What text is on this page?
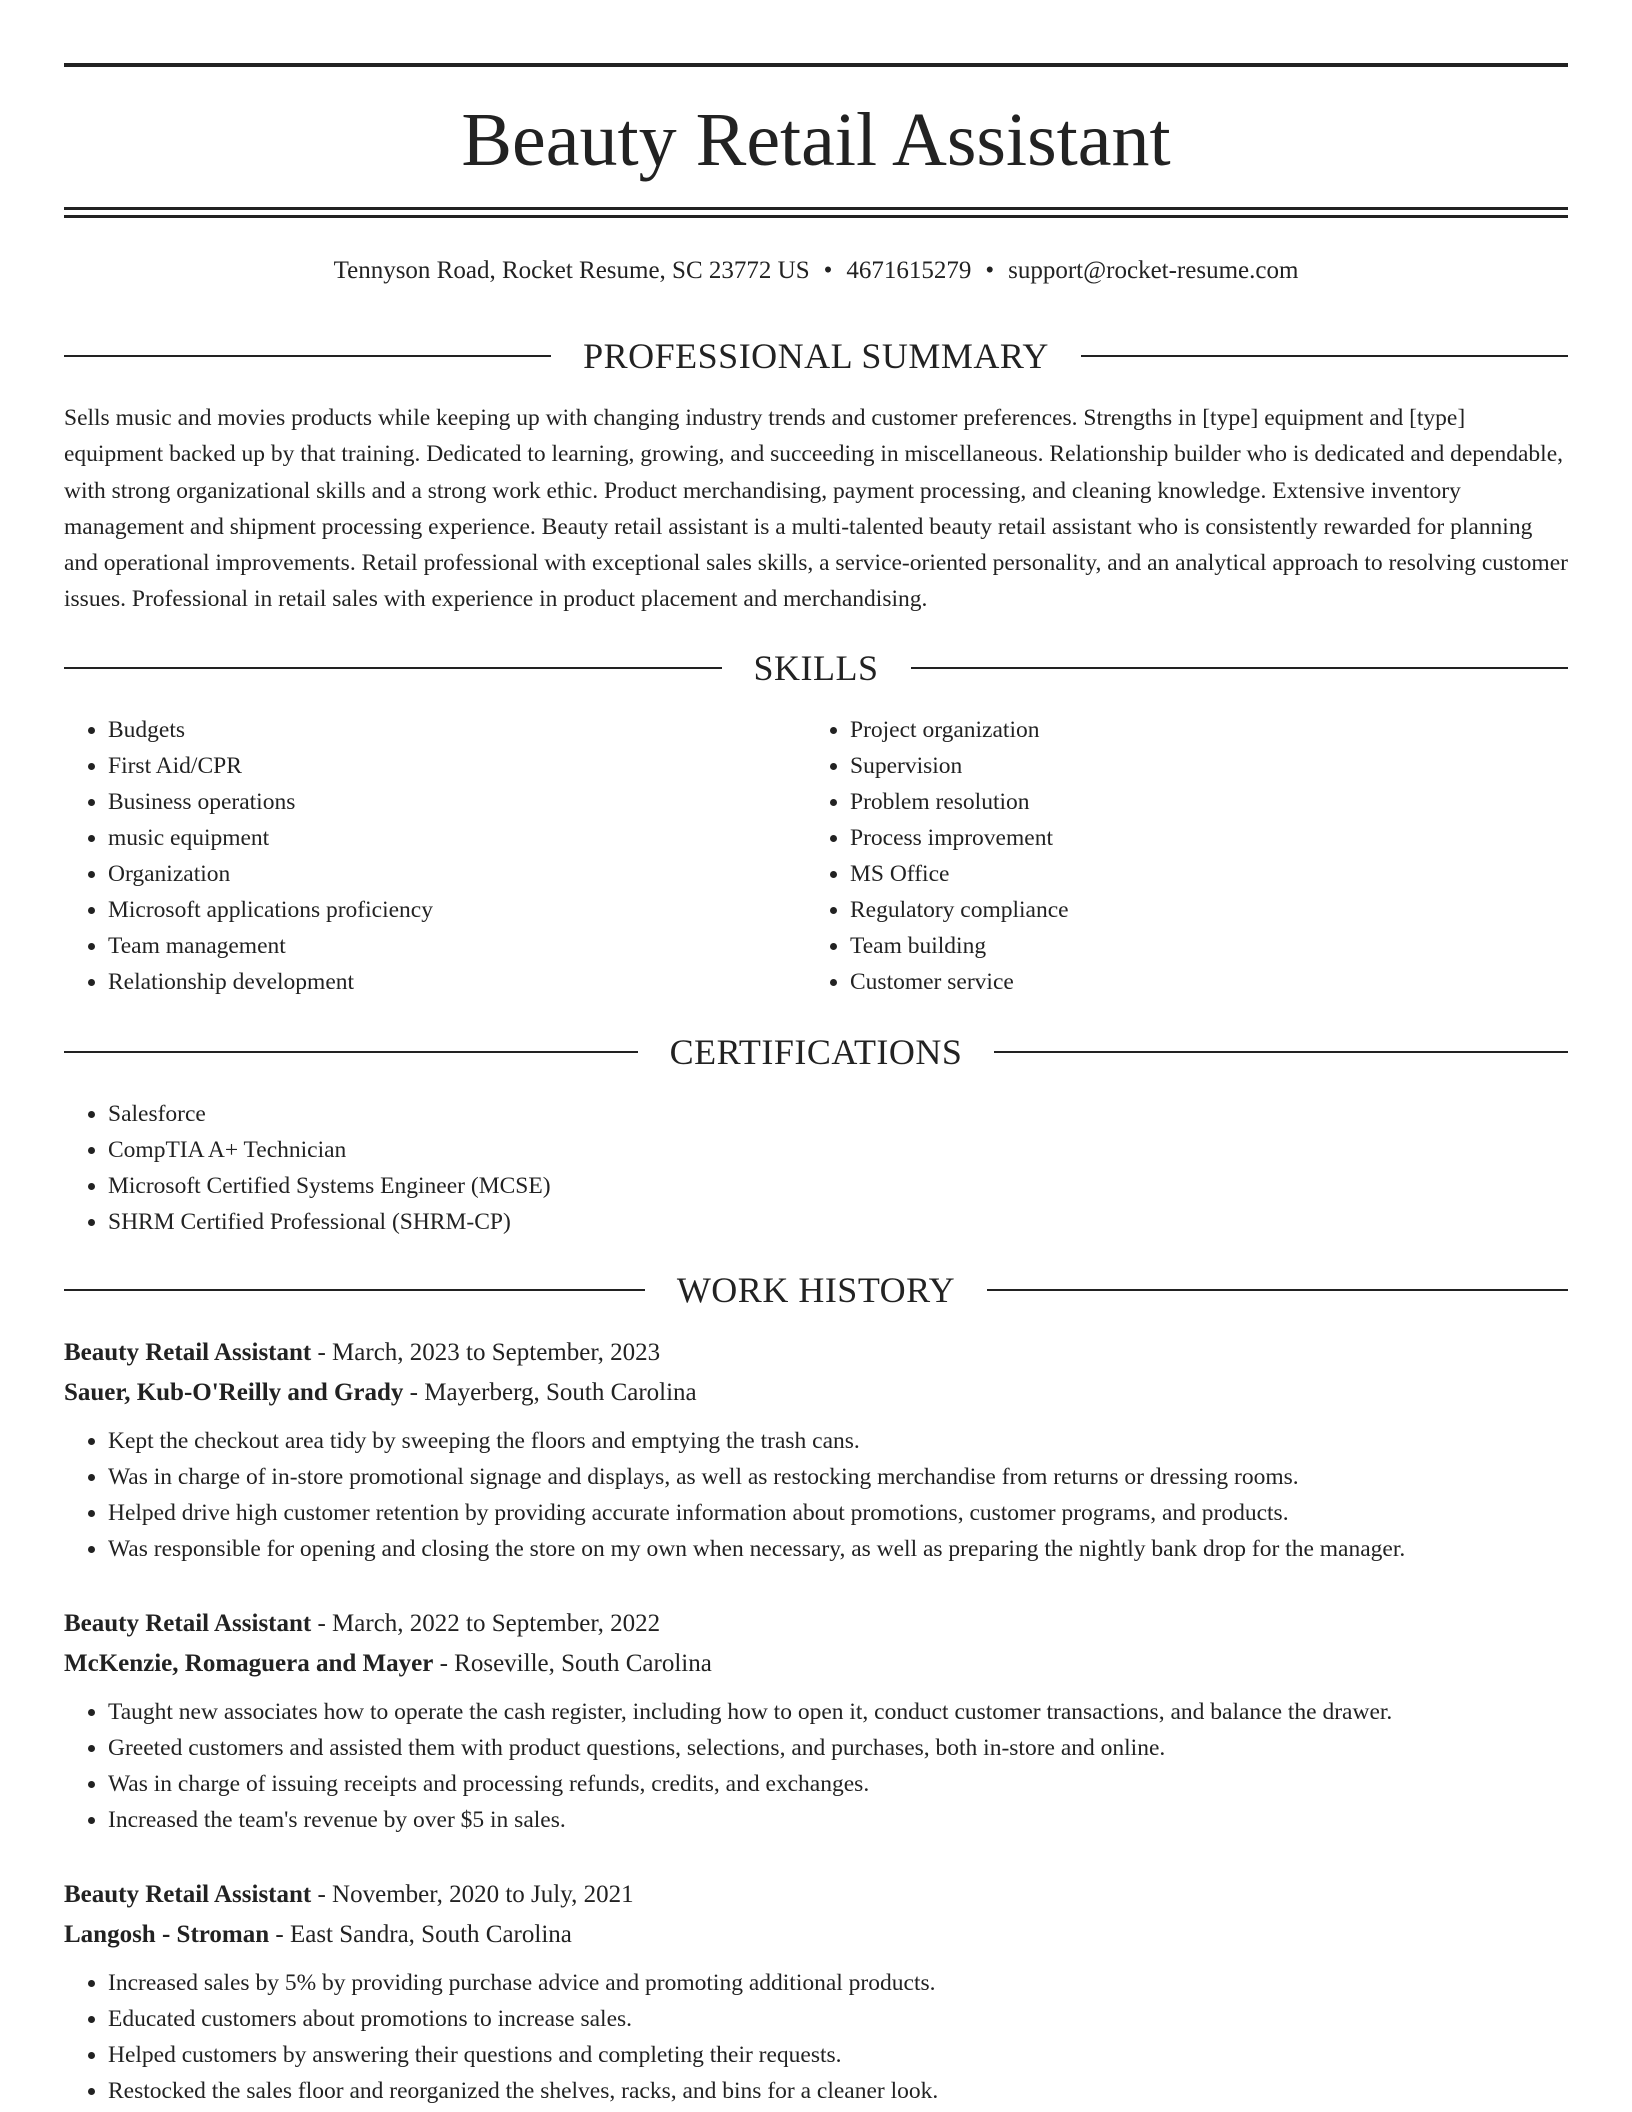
Beauty Retail Assistant
Tennyson Road, Rocket Resume, SC 23772 US • 4671615279 • support@rocket-resume.com
PROFESSIONAL SUMMARY

Sells music and movies products while keeping up with changing industry trends and customer preferences. Strengths in [type] equipment and [type] equipment backed up by that training. Dedicated to learning, growing, and succeeding in miscellaneous. Relationship builder who is dedicated and dependable, with strong organizational skills and a strong work ethic. Product merchandising, payment processing, and cleaning knowledge. Extensive inventory management and shipment processing experience. Beauty retail assistant is a multi-talented beauty retail assistant who is consistently rewarded for planning and operational improvements. Retail professional with exceptional sales skills, a service-oriented personality, and an analytical approach to resolving customer issues. Professional in retail sales with experience in product placement and merchandising.

SKILLS
• Budgets
• First Aid/CPR
• Business operations
• music equipment
• Organization
• Microsoft applications proficiency
• Team management
• Relationship development
• Project organization
• Supervision
• Problem resolution
• Process improvement
• MS Office
• Regulatory compliance
• Team building
• Customer service
CERTIFICATIONS
• Salesforce
• CompTIA A+ Technician
• Microsoft Certified Systems Engineer (MCSE)
• SHRM Certified Professional (SHRM-CP)
WORK HISTORY
Beauty Retail Assistant - March, 2023 to September, 2023
Sauer, Kub-O'Reilly and Grady - Mayerberg, South Carolina
• Kept the checkout area tidy by sweeping the floors and emptying the trash cans.
• Was in charge of in-store promotional signage and displays, as well as restocking merchandise from returns or dressing rooms.
• Helped drive high customer retention by providing accurate information about promotions, customer programs, and products.
• Was responsible for opening and closing the store on my own when necessary, as well as preparing the nightly bank drop for the manager.
Beauty Retail Assistant - March, 2022 to September, 2022
McKenzie, Romaguera and Mayer - Roseville, South Carolina
• Taught new associates how to operate the cash register, including how to open it, conduct customer transactions, and balance the drawer.
• Greeted customers and assisted them with product questions, selections, and purchases, both in-store and online.
• Was in charge of issuing receipts and processing refunds, credits, and exchanges.
• Increased the team's revenue by over $5 in sales.
Beauty Retail Assistant - November, 2020 to July, 2021
Langosh - Stroman - East Sandra, South Carolina
• Increased sales by 5% by providing purchase advice and promoting additional products.
• Educated customers about promotions to increase sales.
• Helped customers by answering their questions and completing their requests.
• Restocked the sales floor and reorganized the shelves, racks, and bins for a cleaner look.
